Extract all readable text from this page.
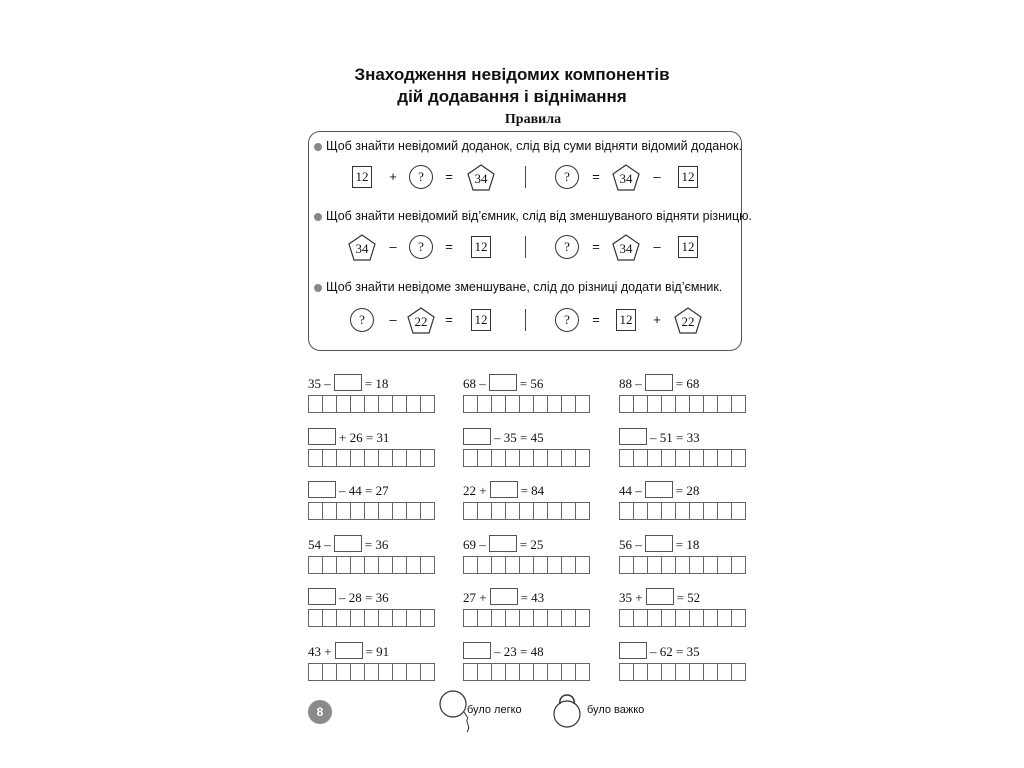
Знаходження невідомих компонентів
дій додавання і віднімання
Правила
Щоб знайти невідомий доданок, слід від суми відняти відомий доданок.
12 +	?	= 34	?	= 34 – 12
Щоб знайти невідомий від’ємник, слід від зменшуваного відняти різницю.
34 –	?	= 12	?	= 34 – 12
Щоб знайти невідоме зменшуване, слід до різниці додати від’ємник.
?	– 22 = 12	?	= 12 + 22
35 –	= 18	68 –	= 56	88 –	= 68
+ 26 = 31	– 35 = 45	– 51 = 33
– 44 = 27	22 +	= 84	44 –	= 28
54 –	= 36	69 –	= 25	56 –	= 18
– 28 = 36	27 +	= 43	35 +	= 52
43 +	= 91	– 23 = 48	– 62 = 35
8	було легко	було важко
